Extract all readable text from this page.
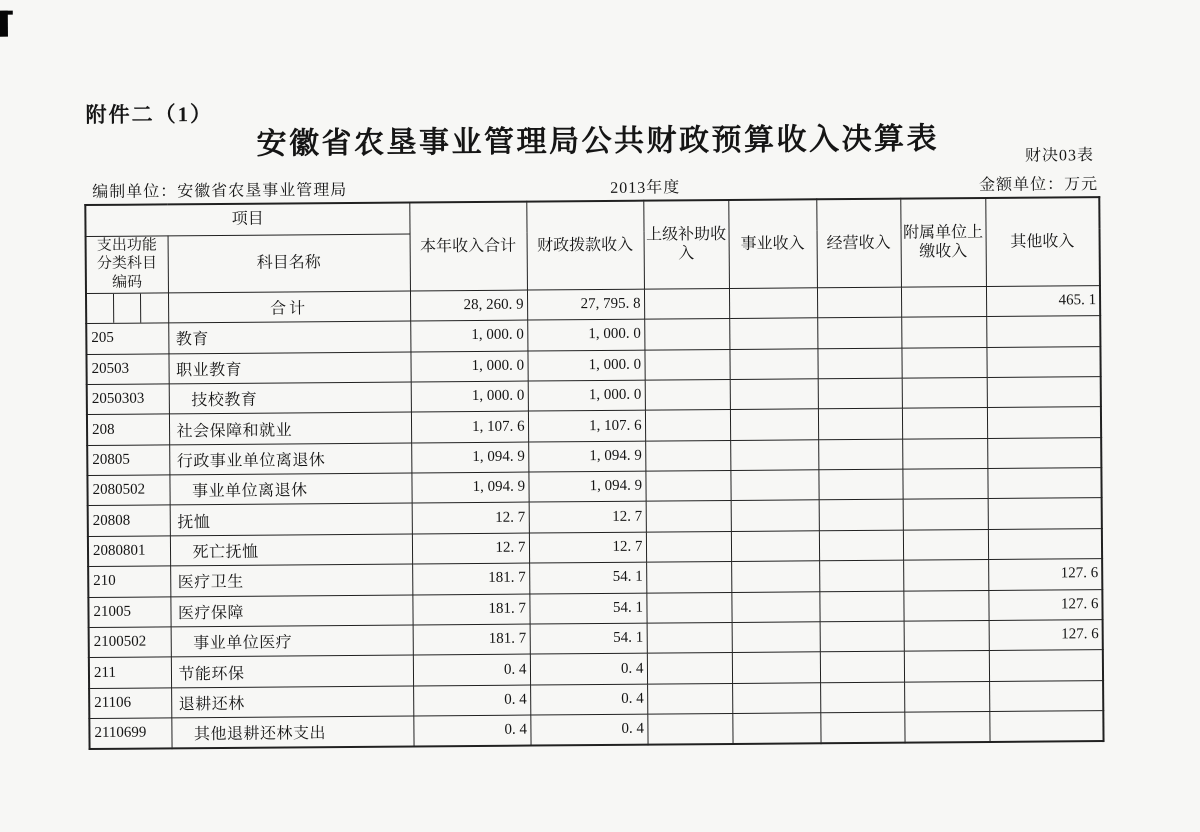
附件二（1）
安徽省农垦事业管理局公共财政预算收入决算表	财决03表
编制单位：安徽省农垦事业管理局	2013年度	金额单位：万元
项目		本年收入合计	财政拨款收入	上级补助收入	事业收入	经营收入	附属单位上缴收入	其他收入
支出功能分类科目编码	科目名称							

	合计	28, 260. 9	27, 795. 8					465. 1
205	教育	1, 000. 0	1, 000. 0					
20503	职业教育	1, 000. 0	1, 000. 0					
2050303	技校教育	1, 000. 0	1, 000. 0					
208	社会保障和就业	1, 107. 6	1, 107. 6					
20805	行政事业单位离退休	1, 094. 9	1, 094. 9					
2080502	事业单位离退休	1, 094. 9	1, 094. 9					
20808	抚恤	12. 7	12. 7					
2080801	死亡抚恤	12. 7	12. 7					
210	医疗卫生	181. 7	54. 1					127. 6
21005	医疗保障	181. 7	54. 1					127. 6
2100502	事业单位医疗	181. 7	54. 1					127. 6
211	节能环保	0. 4	0. 4					
21106	退耕还林	0. 4	0. 4					
2110699	其他退耕还林支出	0. 4	0. 4					
